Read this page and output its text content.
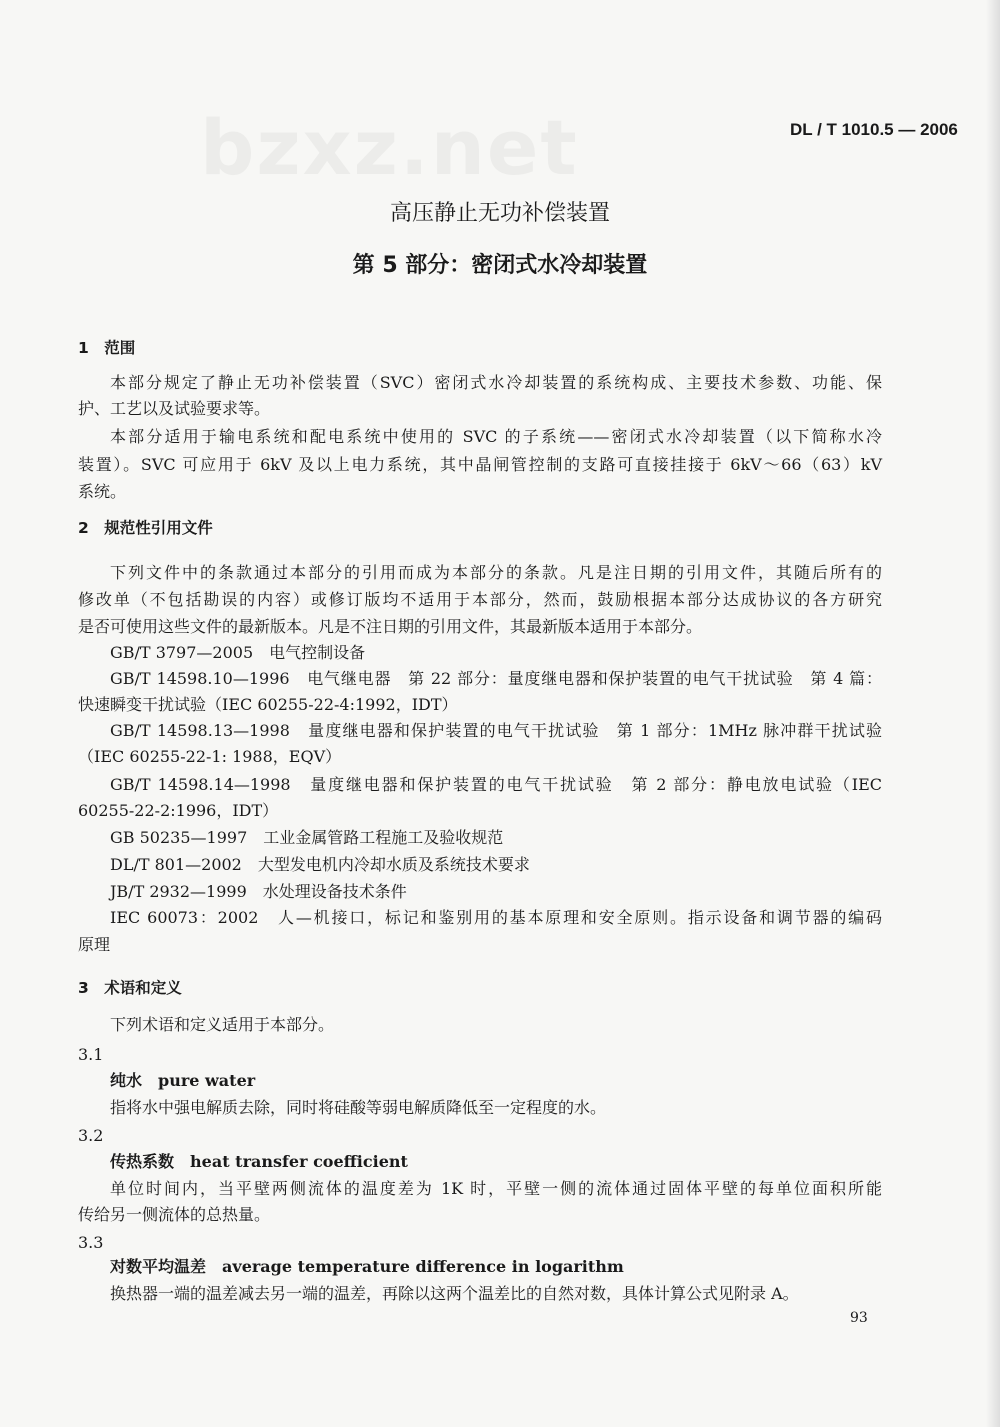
bzxz.net	DL / T 1010.5 — 2006
高压静止无功补偿装置
第 5 部分：密闭式水冷却装置
1　范围
本部分规定了静止无功补偿装置（SVC）密闭式水冷却装置的系统构成、主要技术参数、功能、保
护、工艺以及试验要求等。
本部分适用于输电系统和配电系统中使用的 SVC 的子系统——密闭式水冷却装置（以下简称水冷
装置）。SVC 可应用于 6kV 及以上电力系统，其中晶闸管控制的支路可直接挂接于 6kV～66（63）kV
系统。
2　规范性引用文件
下列文件中的条款通过本部分的引用而成为本部分的条款。凡是注日期的引用文件，其随后所有的
修改单（不包括勘误的内容）或修订版均不适用于本部分，然而，鼓励根据本部分达成协议的各方研究
是否可使用这些文件的最新版本。凡是不注日期的引用文件，其最新版本适用于本部分。
GB/T 3797—2005　电气控制设备
GB/T 14598.10—1996　电气继电器　第 22 部分：量度继电器和保护装置的电气干扰试验　第 4 篇：
快速瞬变干扰试验（IEC 60255-22-4:1992，IDT）
GB/T 14598.13—1998　量度继电器和保护装置的电气干扰试验　第 1 部分：1MHz 脉冲群干扰试验
（IEC 60255-22-1: 1988，EQV）
GB/T 14598.14—1998　量度继电器和保护装置的电气干扰试验　第 2 部分：静电放电试验（IEC
60255-22-2:1996，IDT）
GB 50235—1997　工业金属管路工程施工及验收规范
DL/T 801—2002　大型发电机内冷却水质及系统技术要求
JB/T 2932—1999　水处理设备技术条件
IEC 60073：2002　人—机接口，标记和鉴别用的基本原理和安全原则。指示设备和调节器的编码
原理
3　术语和定义
下列术语和定义适用于本部分。
3.1
纯水　 pure water
指将水中强电解质去除，同时将硅酸等弱电解质降低至一定程度的水。
3.2
传热系数　 heat transfer coefficient
单位时间内，当平壁两侧流体的温度差为 1K 时，平壁一侧的流体通过固体平壁的每单位面积所能
传给另一侧流体的总热量。
3.3
对数平均温差　 average temperature difference in logarithm
换热器一端的温差减去另一端的温差，再除以这两个温差比的自然对数，具体计算公式见附录 A。
93
